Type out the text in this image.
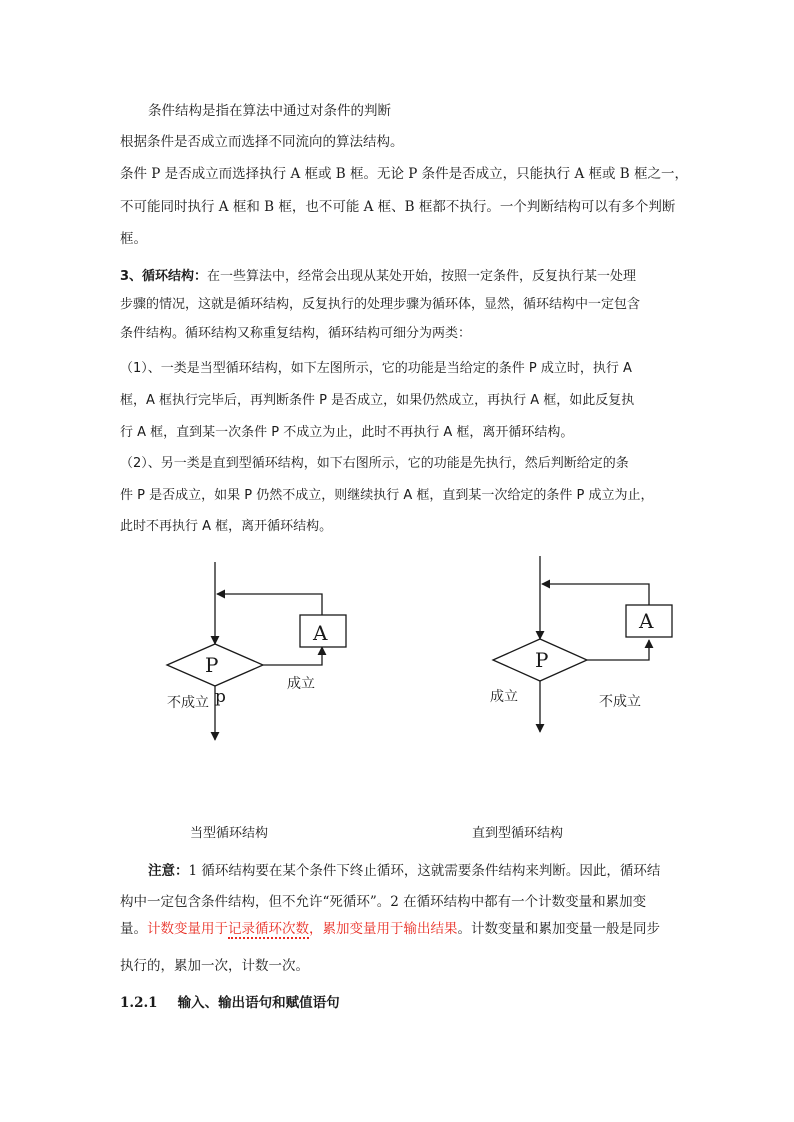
条件结构是指在算法中通过对条件的判断
根据条件是否成立而选择不同流向的算法结构。
条件 P 是否成立而选择执行 A 框或 B 框。无论 P 条件是否成立，只能执行 A 框或 B 框之一，
不可能同时执行 A 框和 B 框，也不可能 A 框、B 框都不执行。一个判断结构可以有多个判断
框。
3、循环结构：在一些算法中，经常会出现从某处开始，按照一定条件，反复执行某一处理
步骤的情况，这就是循环结构，反复执行的处理步骤为循环体，显然，循环结构中一定包含
条件结构。循环结构又称重复结构，循环结构可细分为两类：
（1）、一类是当型循环结构，如下左图所示，它的功能是当给定的条件 P 成立时，执行 A
框，A 框执行完毕后，再判断条件 P 是否成立，如果仍然成立，再执行 A 框，如此反复执
行 A 框，直到某一次条件 P 不成立为止，此时不再执行 A 框，离开循环结构。
（2）、另一类是直到型循环结构，如下右图所示，它的功能是先执行，然后判断给定的条
件 P 是否成立，如果 P 仍然不成立，则继续执行 A 框，直到某一次给定的条件 P 成立为止，
此时不再执行 A 框，离开循环结构。
A
P
成立
不成立 p
A
P
成立	不成立
当型循环结构	直到型循环结构
注意：1 循环结构要在某个条件下终止循环，这就需要条件结构来判断。因此，循环结
构中一定包含条件结构，但不允许“死循环”。2 在循环结构中都有一个计数变量和累加变
量。计数变量用于记录循环次数，累加变量用于输出结果。计数变量和累加变量一般是同步
执行的，累加一次，计数一次。
1.2.1 输入、输出语句和赋值语句
